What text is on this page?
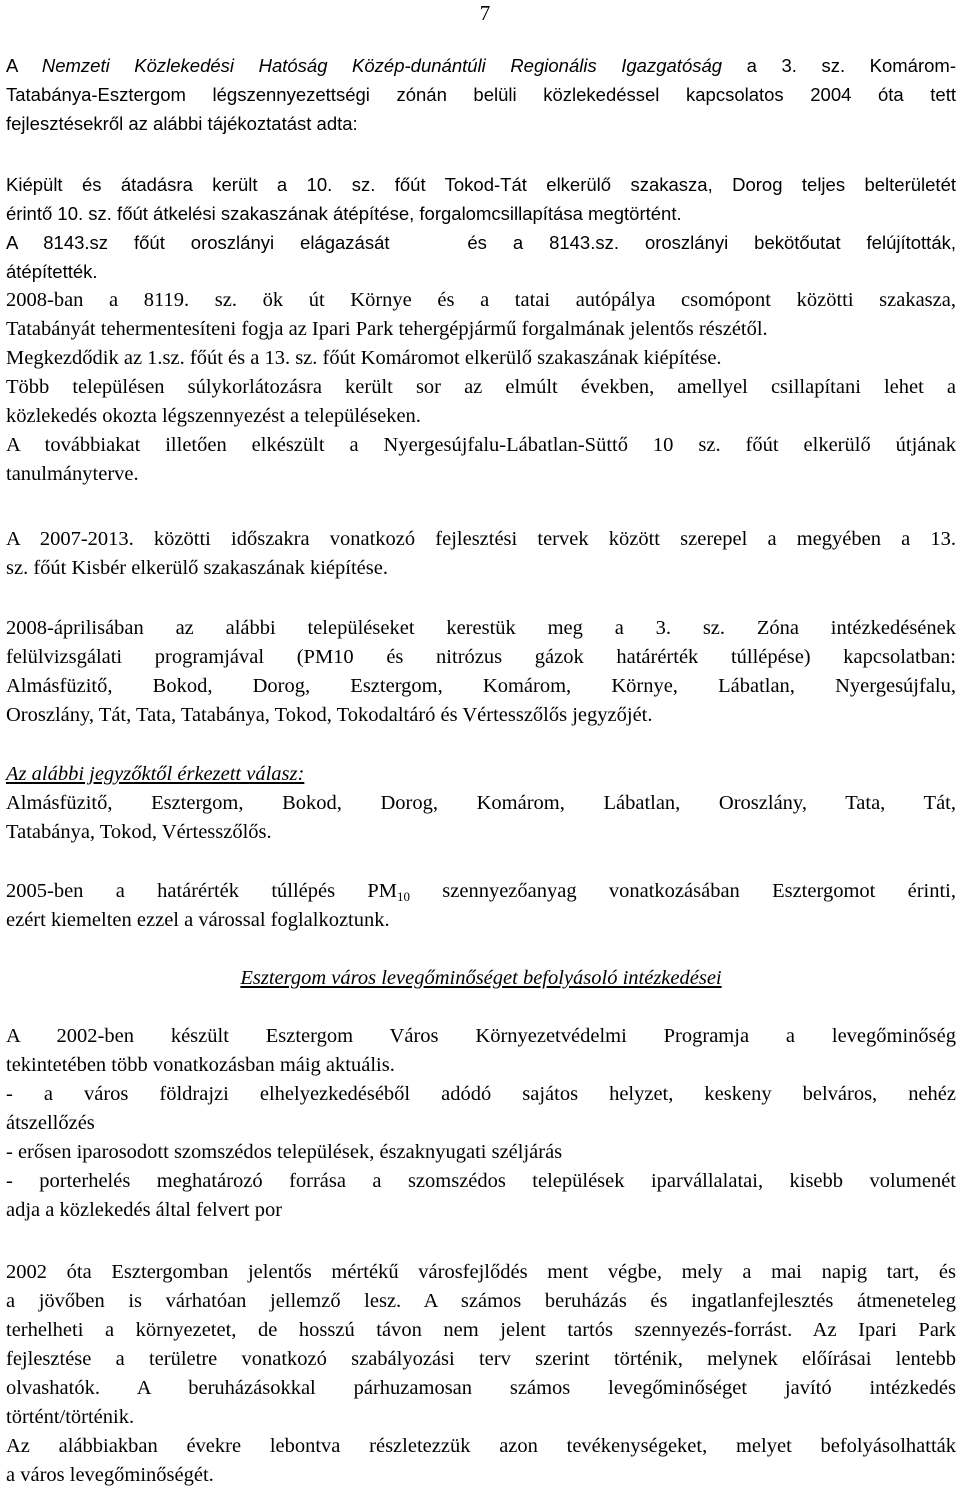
7
A Nemzeti Közlekedési Hatóság Közép-dunántúli Regionális Igazgatóság a 3. sz. Komárom-
Tatabánya-Esztergom légszennyezettségi zónán belüli közlekedéssel kapcsolatos 2004 óta tett
fejlesztésekről az alábbi tájékoztatást adta:
Kiépült és átadásra került a 10. sz. főút Tokod-Tát elkerülő szakasza, Dorog teljes belterületét
érintő 10. sz. főút átkelési szakaszának átépítése, forgalomcsillapítása megtörtént.
A 8143.sz főút oroszlányi elágazását   és a 8143.sz. oroszlányi bekötőutat felújították,
átépítették.
2008-ban a 8119. sz. ök út Környe és a tatai autópálya csomópont közötti szakasza,
Tatabányát tehermentesíteni fogja az Ipari Park tehergépjármű forgalmának jelentős részétől.
Megkezdődik az 1.sz. főút és a 13. sz. főút Komáromot elkerülő szakaszának kiépítése.
Több településen súlykorlátozásra került sor az elmúlt években, amellyel csillapítani lehet a
közlekedés okozta légszennyezést a településeken.
A továbbiakat illetően elkészült a Nyergesújfalu-Lábatlan-Süttő 10 sz. főút elkerülő útjának
tanulmányterve.
A 2007-2013. közötti időszakra vonatkozó fejlesztési tervek között szerepel a megyében a 13.
sz. főút Kisbér elkerülő szakaszának kiépítése.
2008-áprilisában az alábbi településeket kerestük meg a 3. sz. Zóna intézkedésének
felülvizsgálati programjával (PM10 és nitrózus gázok határérték túllépése) kapcsolatban:
Almásfüzitő, Bokod, Dorog, Esztergom, Komárom, Környe, Lábatlan, Nyergesújfalu,
Oroszlány, Tát, Tata, Tatabánya, Tokod, Tokodaltáró és Vértesszőlős jegyzőjét.
Az alábbi jegyzőktől érkezett válasz:
Almásfüzitő, Esztergom, Bokod, Dorog, Komárom, Lábatlan, Oroszlány, Tata, Tát,
Tatabánya, Tokod, Vértesszőlős.
2005-ben a határérték túllépés $PM_{10}$ szennyezőanyag vonatkozásában Esztergomot érinti,
ezért kiemelten ezzel a várossal foglalkoztunk.
Esztergom város levegőminőséget befolyásoló intézkedései
A 2002-ben készült Esztergom Város Környezetvédelmi Programja a levegőminőség
tekintetében több vonatkozásban máig aktuális.
- a város földrajzi elhelyezkedéséből adódó sajátos helyzet, keskeny belváros, nehéz
átszellőzés
- erősen iparosodott szomszédos települések, északnyugati széljárás
- porterhelés meghatározó forrása a szomszédos települések iparvállalatai, kisebb volumenét
adja a közlekedés által felvert por
2002 óta Esztergomban jelentős mértékű városfejlődés ment végbe, mely a mai napig tart, és
a jövőben is várhatóan jellemző lesz. A számos beruházás és ingatlanfejlesztés átmeneteleg
terhelheti a környezetet, de hosszú távon nem jelent tartós szennyezés-forrást. Az Ipari Park
fejlesztése a területre vonatkozó szabályozási terv szerint történik, melynek előírásai lentebb
olvashatók. A beruházásokkal párhuzamosan számos levegőminőséget javító intézkedés
történt/történik.
Az alábbiakban évekre lebontva részletezzük azon tevékenységeket, melyet befolyásolhatták
a város levegőminőségét.
